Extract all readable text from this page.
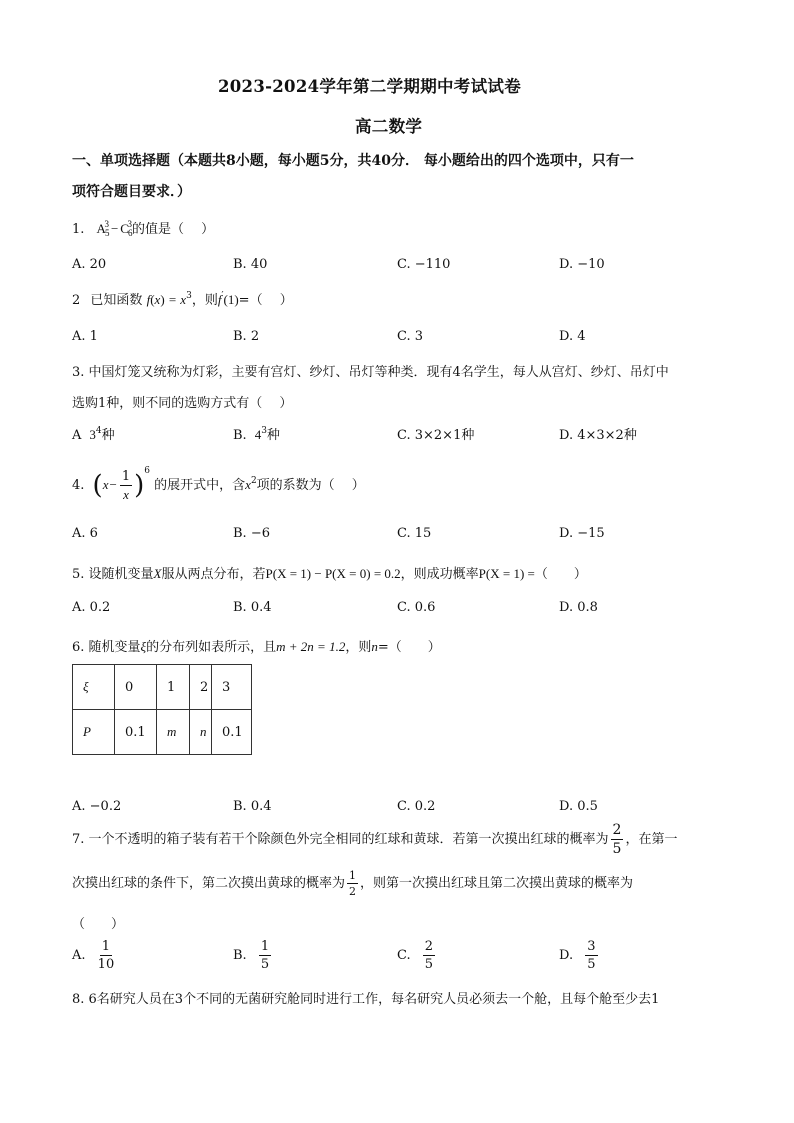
2023-2024学年第二学期期中考试试卷
高二数学
一、单项选择题（本题共8小题，每小题5分，共40分． 每小题给出的四个选项中，只有一
项符合题目要求．）
1. $A_5^3 - C_6^3$的值是（　 ）
A. 20	B. 40	C. −110	D. −10
2 已知函数 $f(x) = x^3$，则f′(1)=（　 ）
A. 1	B. 2	C. 3	D. 4
3. 中国灯笼又统称为灯彩，主要有宫灯、纱灯、吊灯等种类．现有4名学生，每人从宫灯、纱灯、吊灯中
选购1种，则不同的选购方式有（　 ）
A $3^4$种	B. $4^3$种	C. 3×2×1种	D. 4×3×2种
4. $(x- \frac{1}{x} )^6$ 的展开式中，含$x^2$项的系数为（　 ）
A. 6	B. −6	C. 15	D. −15
5. 设随机变量X服从两点分布，若P(X = 1) − P(X = 0) = 0.2，则成功概率P(X = 1) =（　　）
A. 0.2	B. 0.4	C. 0.6	D. 0.8
6. 随机变量ξ的分布列如表所示，且m + 2n = 1.2，则n=（　　）
ξ	0	1	2	3
P	0.1	m	n	0.1
A. −0.2	B. 0.4	C. 0.2	D. 0.5
7. 一个不透明的箱子装有若干个除颜色外完全相同的红球和黄球．若第一次摸出红球的概率为 $\frac{2}{5}$ ，在第一
次摸出红球的条件下，第二次摸出黄球的概率为 $\frac{1}{2}$ ，则第一次摸出红球且第二次摸出黄球的概率为
（　　）
A. $\frac{1}{10}$	B. $\frac{1}{5}$	C. $\frac{2}{5}$	D. $\frac{3}{5}$
8. 6名研究人员在3个不同的无菌研究舱同时进行工作，每名研究人员必须去一个舱，且每个舱至少去1
